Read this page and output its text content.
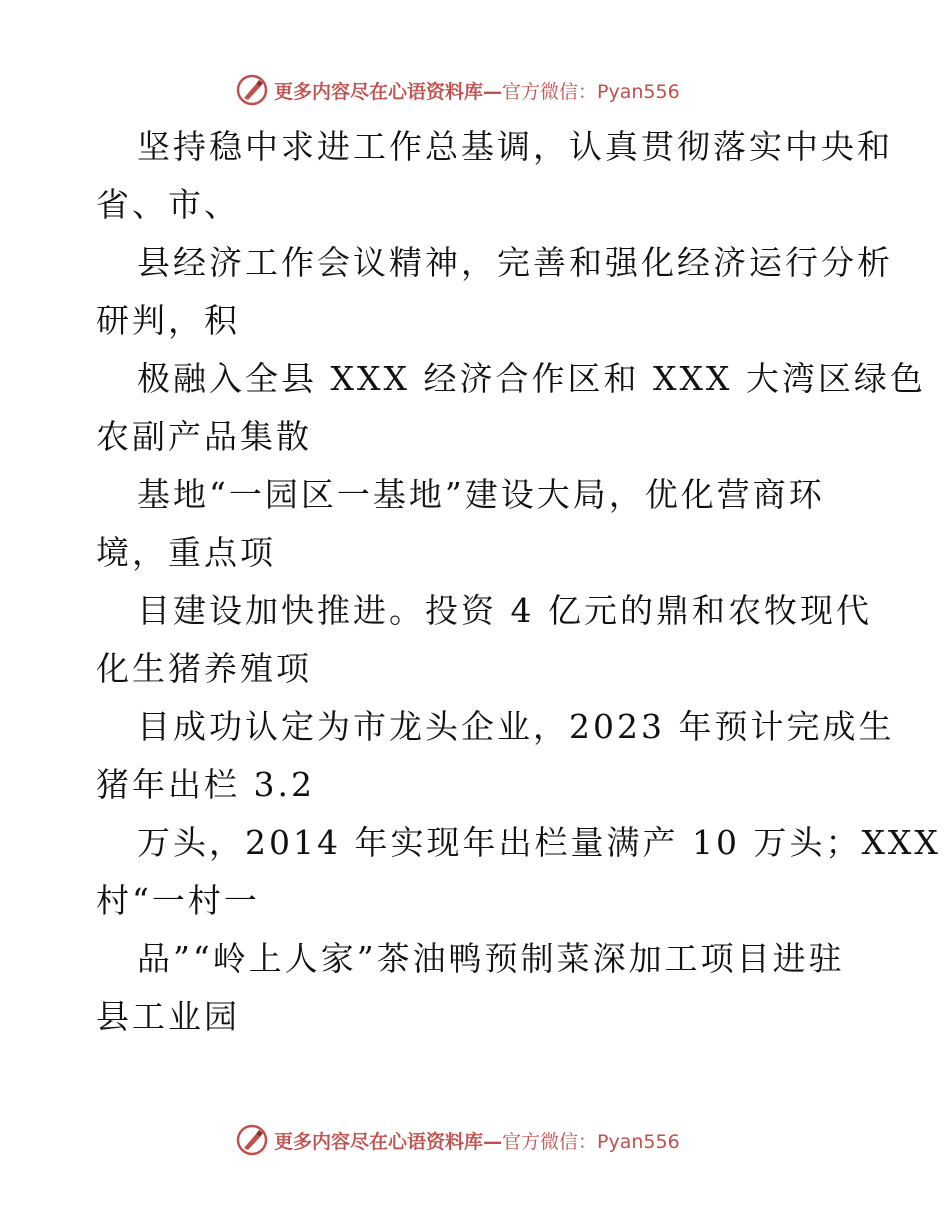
更多内容尽在心语资料库—官方微信：Pyan556
坚持稳中求进工作总基调，认真贯彻落实中央和
省、市、
县经济工作会议精神，完善和强化经济运行分析
研判，积
极融入全县 XXX 经济合作区和 XXX 大湾区绿色
农副产品集散
基地“一园区一基地”建设大局，优化营商环
境，重点项
目建设加快推进。投资 4 亿元的鼎和农牧现代
化生猪养殖项
目成功认定为市龙头企业，2023 年预计完成生
猪年出栏 3.2
万头，2014 年实现年出栏量满产 10 万头；XXX
村“一村一
品”“岭上人家”茶油鸭预制菜深加工项目进驻
县工业园
更多内容尽在心语资料库—官方微信：Pyan556
